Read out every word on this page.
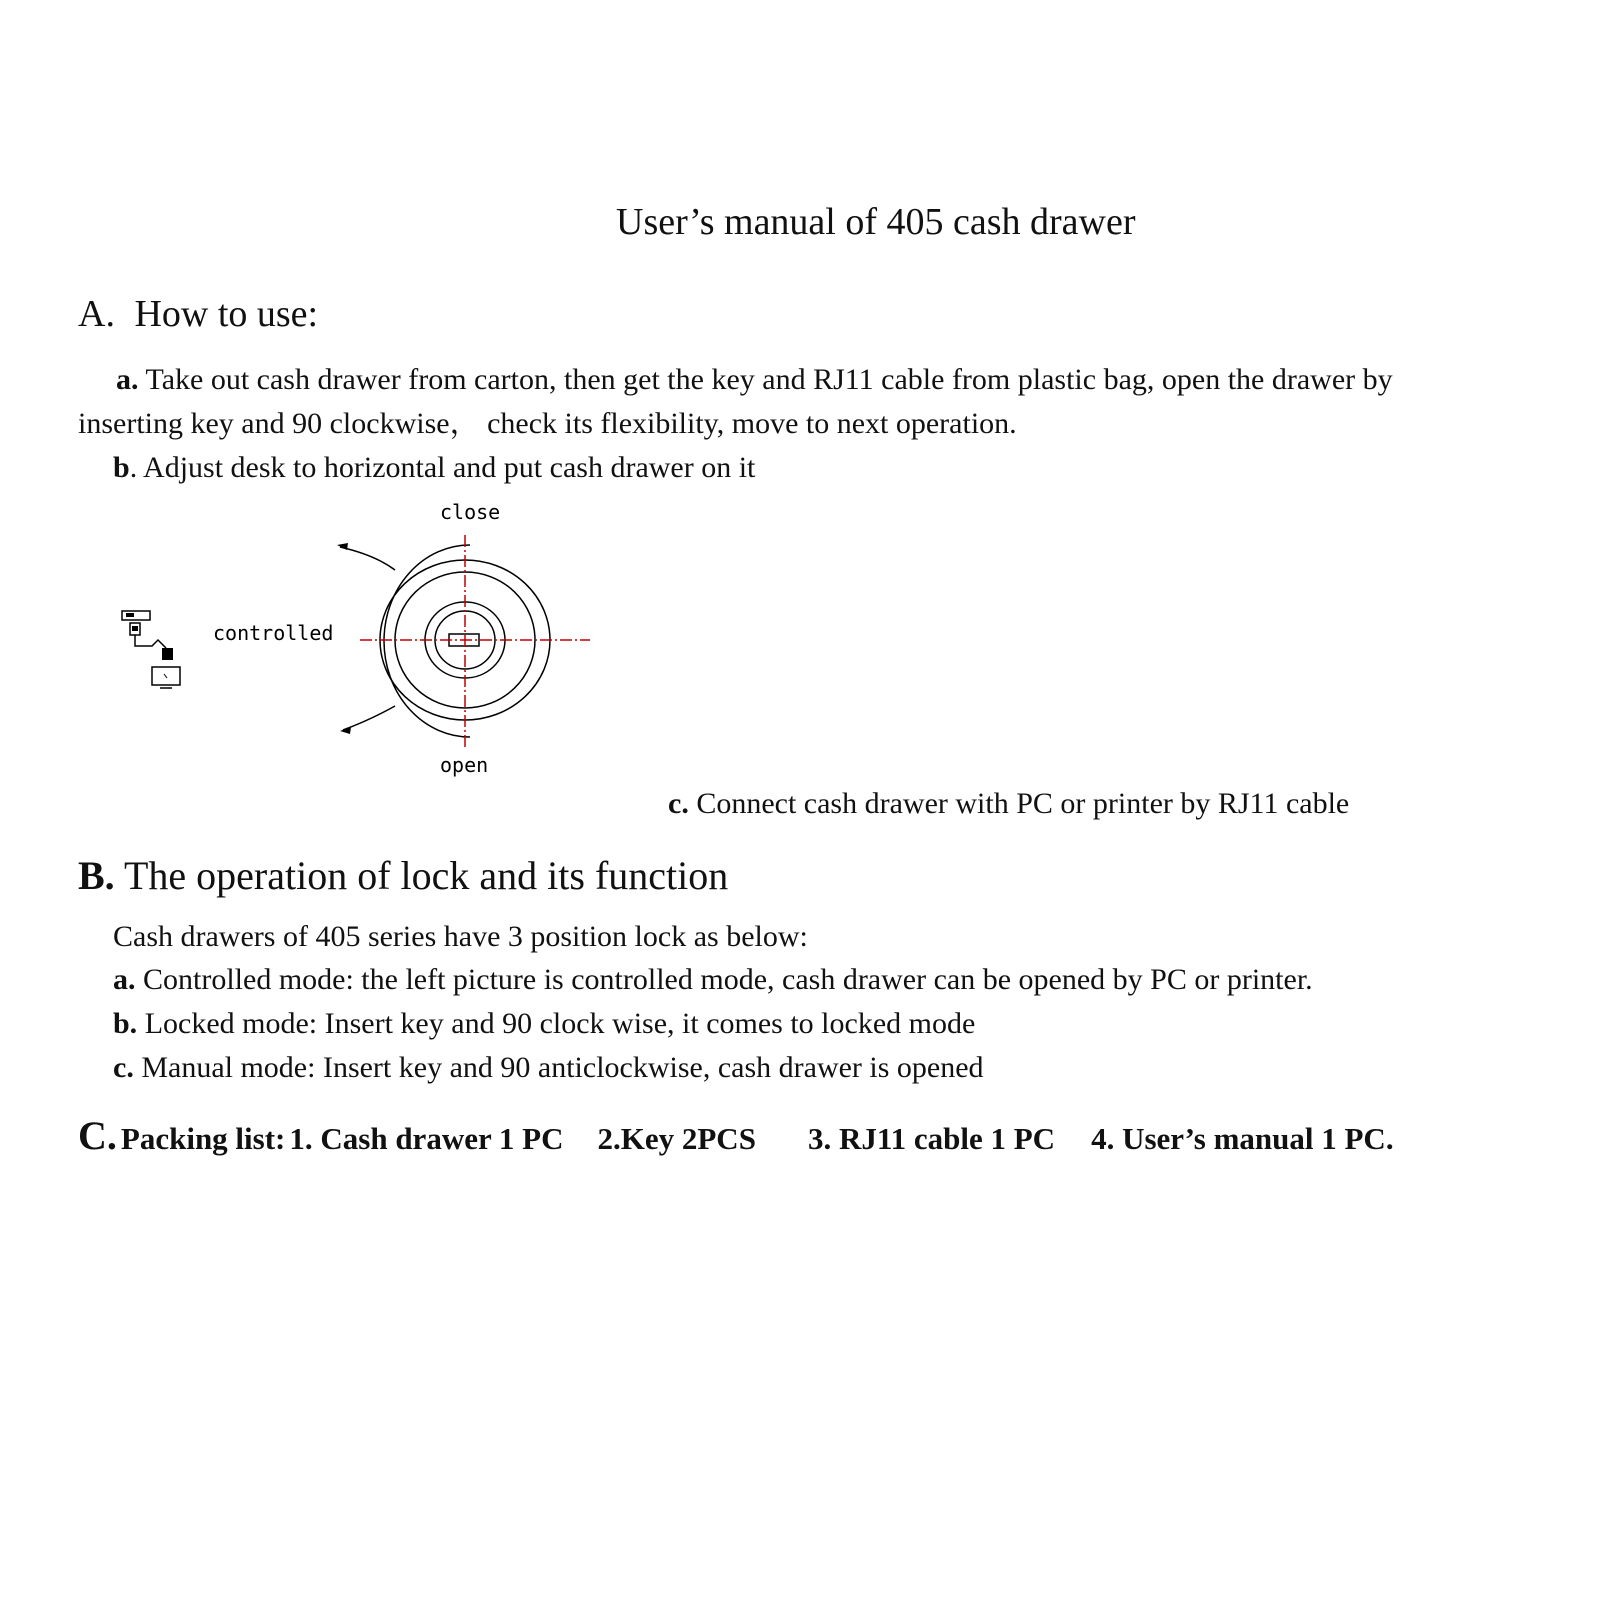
User’s manual of 405 cash drawer
A. How to use:
a. Take out cash drawer from carton, then get the key and RJ11 cable from plastic bag, open the drawer by
inserting key and 90 clockwise， check its flexibility, move to next operation.
b. Adjust desk to horizontal and put cash drawer on it
close
open
controlled
c. Connect cash drawer with PC or printer by RJ11 cable
B. The operation of lock and its function
Cash drawers of 405 series have 3 position lock as below:
a. Controlled mode: the left picture is controlled mode, cash drawer can be opened by PC or printer.
b. Locked mode: Insert key and 90 clock wise, it comes to locked mode
c. Manual mode: Insert key and 90 anticlockwise, cash drawer is opened
C. Packing list: 1. Cash drawer 1 PC 2.Key 2PCS 3. RJ11 cable 1 PC 4. User’s manual 1 PC.
